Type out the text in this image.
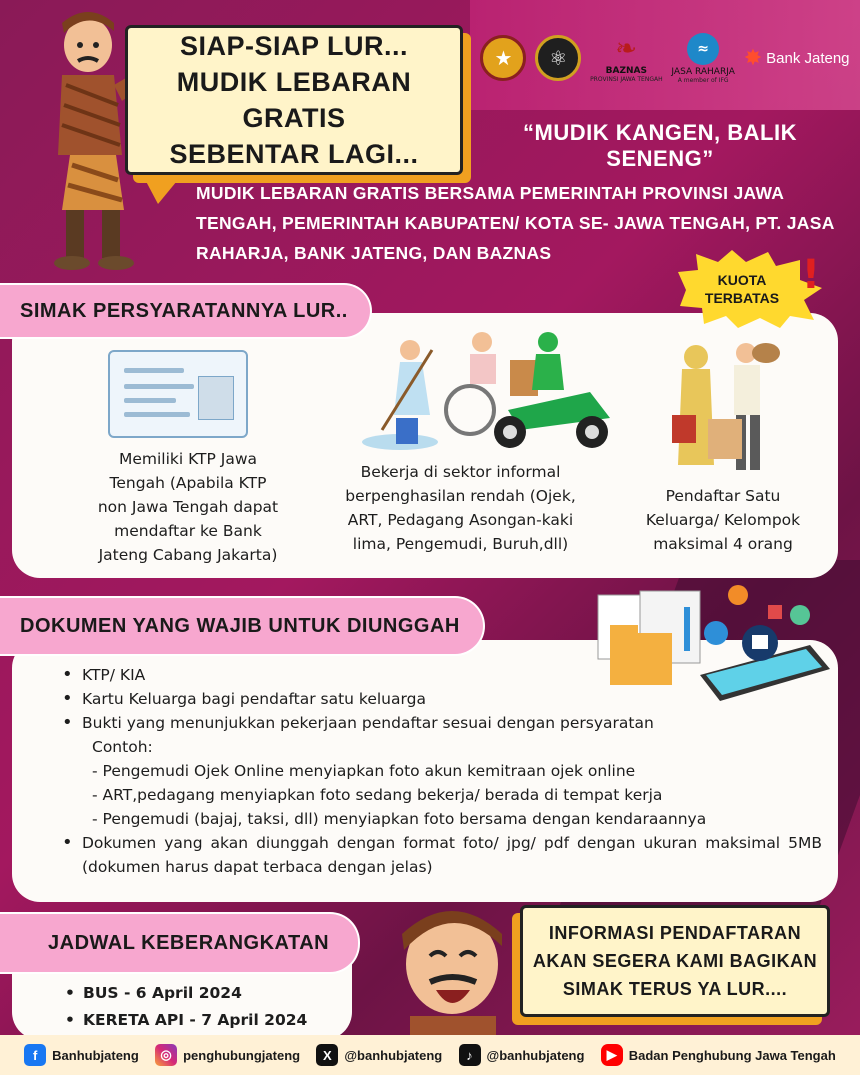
SIAP-SIAP LUR...
MUDIK LEBARAN GRATIS
SEBENTAR LAGI...
★	⚛	❧
BAZNAS
PROVINSI JAWA TENGAH
≈
JASA RAHARJA
A member of IFG
✸ Bank Jateng
“MUDIK KANGEN, BALIK SENENG”
MUDIK LEBARAN GRATIS BERSAMA PEMERINTAH PROVINSI JAWA TENGAH, PEMERINTAH KABUPATEN/ KOTA SE- JAWA TENGAH, PT. JASA RAHARJA, BANK JATENG, DAN BAZNAS
SIMAK PERSYARATANNYA LUR..
KUOTA
TERBATAS !
Memiliki KTP Jawa
Tengah (Apabila KTP
non Jawa Tengah dapat
mendaftar ke Bank
Jateng Cabang Jakarta)
Bekerja di sektor informal
berpenghasilan rendah (Ojek,
ART, Pedagang Asongan-kaki
lima, Pengemudi, Buruh,dll)
Pendaftar Satu
Keluarga/ Kelompok
maksimal 4 orang
DOKUMEN YANG WAJIB UNTUK DIUNGGAH
• KTP/ KIA
• Kartu Keluarga bagi pendaftar satu keluarga
• Bukti yang menunjukkan pekerjaan pendaftar sesuai dengan persyaratan
Contoh:
- Pengemudi Ojek Online menyiapkan foto akun kemitraan ojek online
- ART,pedagang menyiapkan foto sedang bekerja/ berada di tempat kerja
- Pengemudi (bajaj, taksi, dll) menyiapkan foto bersama dengan kendaraannya
• Dokumen yang akan diunggah dengan format foto/ jpg/ pdf dengan ukuran maksimal 5MB (dokumen harus dapat terbaca dengan jelas)
JADWAL KEBERANGKATAN
• BUS - 6 April 2024
• KERETA API - 7 April 2024
INFORMASI PENDAFTARAN
AKAN SEGERA KAMI BAGIKAN
SIMAK TERUS YA LUR....
f	Banhubjateng	◎ penghubungjateng	X @banhubjateng	♪	@banhubjateng	▶ Badan Penghubung Jawa Tengah
